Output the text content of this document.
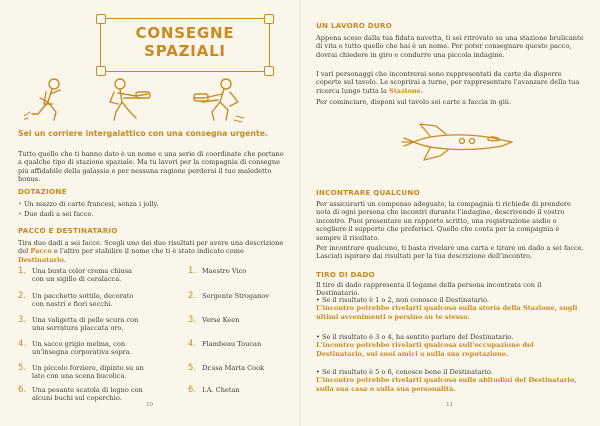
CONSEGNE
SPAZIALI

Sei un corriere intergalattico con una consegna urgente.

Tutto quello che ti hanno dato è un nome e una serie di coordinate che portano a qualche tipo di stazione spaziale. Ma tu lavori per la compagnia di consegne più affidabile della galassia e per nessuna ragione perderai il tuo maledetto bonus.

DOTAZIONE

• Un mazzo di carte francesi, senza i jolly.
• Due dadi a sei facce.

PACCO E DESTINATARIO

Tira due dadi a sei facce. Scegli uno dei due risultati per avere una descrizione del Pacco e l'altro per stabilire il nome che ti è stato indicato come Destinatario.

1. Una busta color crema chiusa con un sigillo di ceralacca.
Maestro Vico
2. Un pacchetto sottile, decorato con nastri e fiori secchi.
2. Sergente Stroganov
3. Una valigetta di pelle scura con una serratura placcata oro.
3. Verse Keen
4. Un sacco grigio melma, con un'insegna corporativa sopra.
4. Flambeau Toucan
5. Un piccolo forziere, dipinto su un lato con una scena bucolica.
5. Dr.ssa Marta Cook
6. Una pesante scatola di legno con alcuni buchi sul coperchio.
6. I.A. Chetan
1.
10

UN LAVORO DURO

Appena sceso dalla tua fidata navetta, ti sei ritrovato su una stazione brulicante di vita e tutto quello che hai è un nome. Per poter consegnare questo pacco, dovrai chiedere in giro e condurre una piccola indagine.

I vari personaggi che incontrerai sono rappresentati da carte da disporre coperte sul tavolo. Le scoprirai a turno, per rappresentare l'avanzare della tua ricerca lungo tutta la Stazione.

Per cominciare, disponi sul tavolo sei carte a faccia in giù.

INCONTRARE QUALCUNO

Per assicurarti un compenso adeguato, la compagnia ti richiede di prendere nota di ogni persona che incontri durante l'indagine, descrivendo il vostro incontro. Puoi presentare un rapporto scritto, una registrazione audio o scegliere il supporto che preferisci. Quello che conta per la compagnia è sempre il risultato.

Per incontrare qualcuno, ti basta rivelare una carta e tirare un dado a sei facce. Lasciati ispirare dai risultati per la tua descrizione dell'incontro.

TIRO DI DADO

Il tiro di dado rappresenta il legame della persona incontrata con il Destinatario.

• Se il risultato è 1 o 2, non conosce il Destinatario.

L'incontro potrebbe rivelarti qualcosa sulla storia della Stazione, sugli ultimi avvenimenti o persino su te stesso.

• Se il risultato è 3 o 4, ha sentito parlare del Destinatario.

L'incontro potrebbe rivelarti qualcosa sull'occupazione del Destinatario, sui suoi amici o sulla sua reputazione.

• Se il risultato è 5 o 6, conosce bene il Destinatario.

L'incontro potrebbe rivelarti qualcosa sulle abitudini del Destinatario, sulla sua casa o sulla sua personalità.

11
